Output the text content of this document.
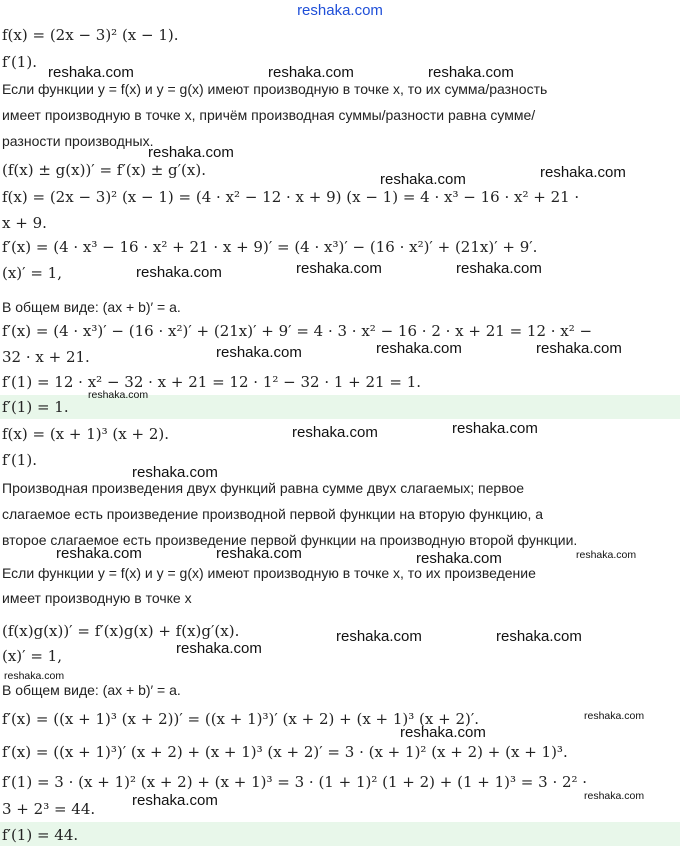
reshaka.com
f(x) = (2x − 3)² (x − 1).
f′(1).
Если функции y = f(x) и y = g(x) имеют производную в точке x, то их сумма/разность
имеет производную в точке x, причём производная суммы/разности равна сумме/
разности производных.
(f(x) ± g(x))′ = f′(x) ± g′(x).
f(x) = (2x − 3)² (x − 1) = (4 · x² − 12 · x + 9) (x − 1) = 4 · x³ − 16 · x² + 21 ·
x + 9.
f′(x) = (4 · x³ − 16 · x² + 21 · x + 9)′ = (4 · x³)′ − (16 · x²)′ + (21x)′ + 9′.
(x)′ = 1,
В общем виде: (ax + b)′ = a.
f′(x) = (4 · x³)′ − (16 · x²)′ + (21x)′ + 9′ = 4 · 3 · x² − 16 · 2 · x + 21 = 12 · x² −
32 · x + 21.
f′(1) = 12 · x² − 32 · x + 21 = 12 · 1² − 32 · 1 + 21 = 1.
f′(1) = 1.
f(x) = (x + 1)³ (x + 2).
f′(1).
Производная произведения двух функций равна сумме двух слагаемых; первое
слагаемое есть произведение производной первой функции на вторую функцию, а
второе слагаемое есть произведение первой функции на производную второй функции.
Если функции y = f(x) и y = g(x) имеют производную в точке x, то их произведение
имеет производную в точке x
(f(x)g(x))′ = f′(x)g(x) + f(x)g′(x).
(x)′ = 1,
В общем виде: (ax + b)′ = a.
f′(x) = ((x + 1)³ (x + 2))′ = ((x + 1)³)′ (x + 2) + (x + 1)³ (x + 2)′.
f′(x) = ((x + 1)³)′ (x + 2) + (x + 1)³ (x + 2)′ = 3 · (x + 1)² (x + 2) + (x + 1)³.
f′(1) = 3 · (x + 1)² (x + 2) + (x + 1)³ = 3 · (1 + 1)² (1 + 2) + (1 + 1)³ = 3 · 2² ·
3 + 2³ = 44.
f′(1) = 44.
reshaka.com	reshaka.com	reshaka.com
reshaka.com
reshaka.com	reshaka.com
reshaka.com	reshaka.com	reshaka.com
reshaka.com	reshaka.com	reshaka.com
reshaka.com
reshaka.com	reshaka.com
reshaka.com
reshaka.com	reshaka.com	reshaka.com	reshaka.com
reshaka.com	reshaka.com
reshaka.com
reshaka.com
reshaka.com
reshaka.com
reshaka.com	reshaka.com
